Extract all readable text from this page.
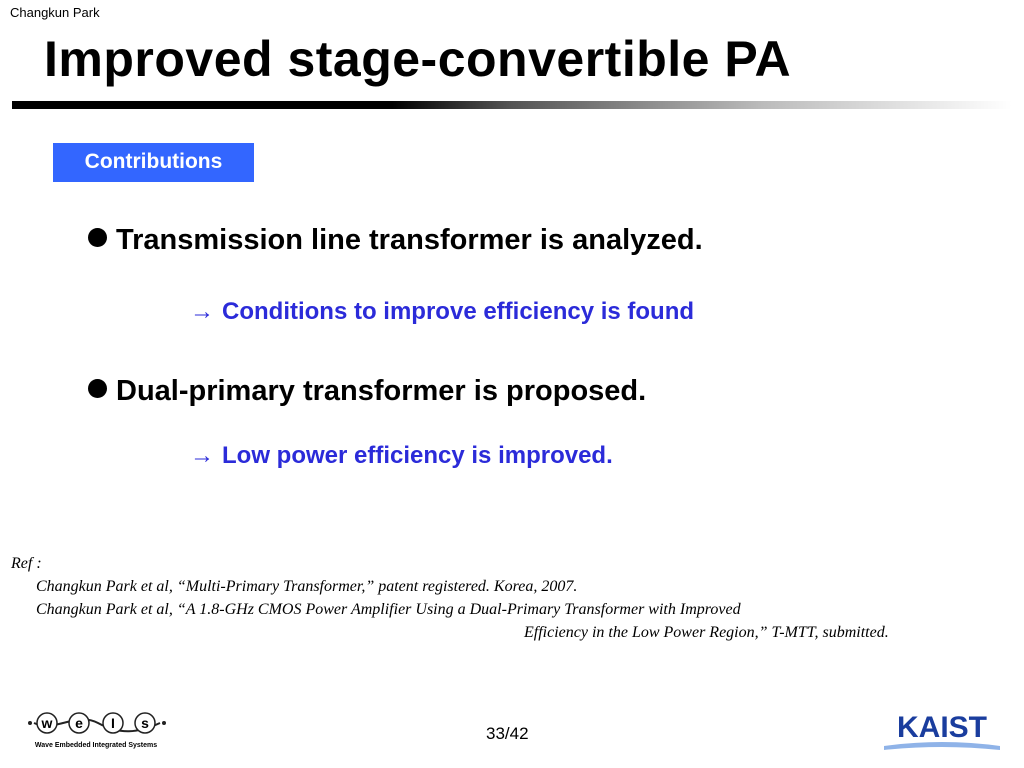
Changkun Park
Improved stage-convertible PA
Contributions
Transmission line transformer is analyzed.
→ Conditions to improve efficiency is found
Dual-primary transformer is proposed.
→ Low power efficiency is improved.
Ref :
Changkun Park et al, “Multi-Primary Transformer,” patent registered. Korea, 2007.
Changkun Park et al, “A 1.8-GHz CMOS Power Amplifier Using a Dual-Primary Transformer with Improved
Efficiency in the Low Power Region,” T-MTT, submitted.
w e I s
Wave Embedded Integrated Systems
33/42	KAIST
